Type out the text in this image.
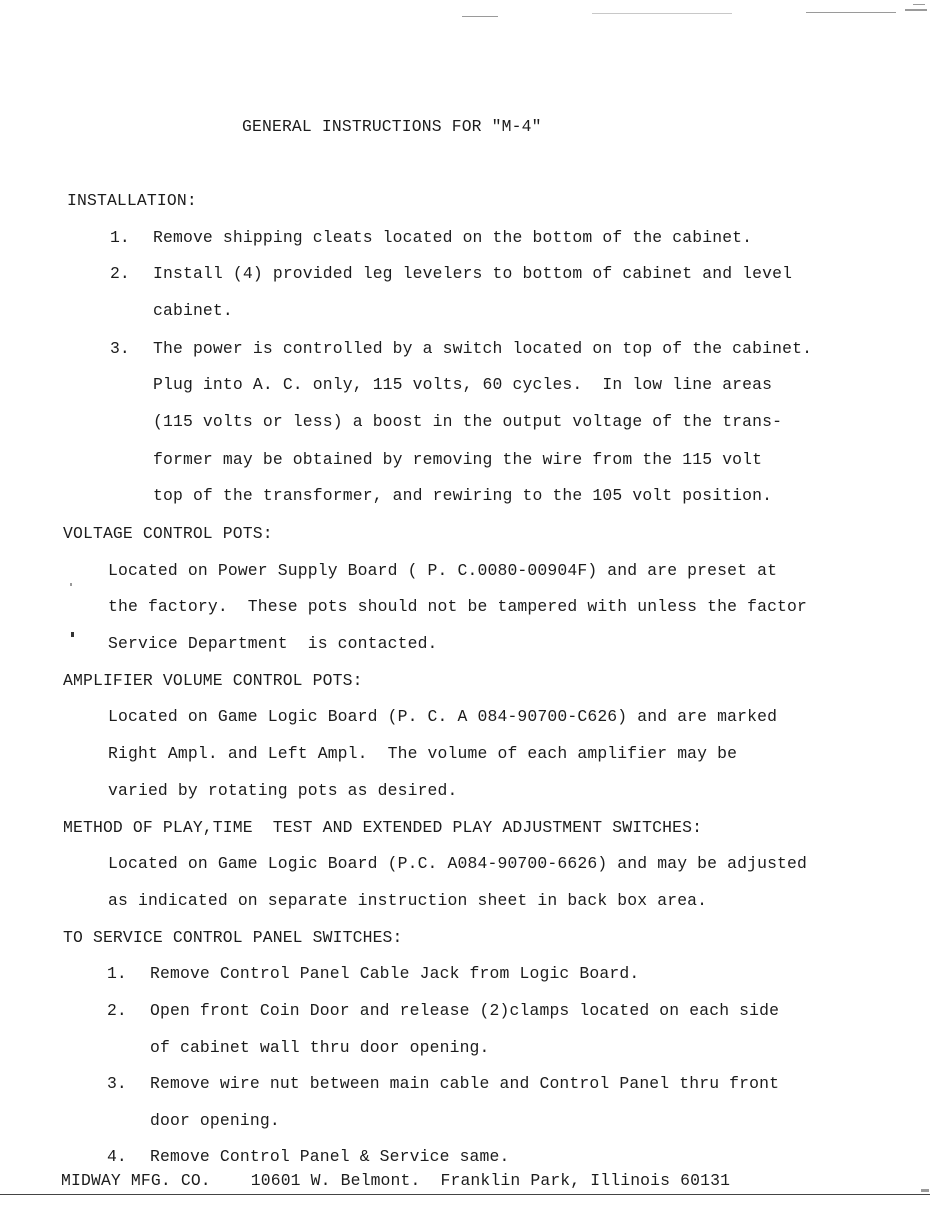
GENERAL INSTRUCTIONS FOR "M-4"
INSTALLATION:
1. Remove shipping cleats located on the bottom of the cabinet.
2. Install (4) provided leg levelers to bottom of cabinet and level
cabinet.
3. The power is controlled by a switch located on top of the cabinet.
Plug into A. C. only, 115 volts, 60 cycles.  In low line areas
(115 volts or less) a boost in the output voltage of the trans-
former may be obtained by removing the wire from the 115 volt
top of the transformer, and rewiring to the 105 volt position.
VOLTAGE CONTROL POTS:
Located on Power Supply Board ( P. C.0080-00904F) and are preset at
the factory.  These pots should not be tampered with unless the factor
Service Department  is contacted.
AMPLIFIER VOLUME CONTROL POTS:
Located on Game Logic Board (P. C. A 084-90700-C626) and are marked
Right Ampl. and Left Ampl.  The volume of each amplifier may be
varied by rotating pots as desired.
METHOD OF PLAY,TIME  TEST AND EXTENDED PLAY ADJUSTMENT SWITCHES:
Located on Game Logic Board (P.C. A084-90700-6626) and may be adjusted
as indicated on separate instruction sheet in back box area.
TO SERVICE CONTROL PANEL SWITCHES:
1. Remove Control Panel Cable Jack from Logic Board.
2. Open front Coin Door and release (2)clamps located on each side
of cabinet wall thru door opening.
3. Remove wire nut between main cable and Control Panel thru front
door opening.
4. Remove Control Panel & Service same.
MIDWAY MFG. CO.    10601 W. Belmont.  Franklin Park, Illinois 60131
